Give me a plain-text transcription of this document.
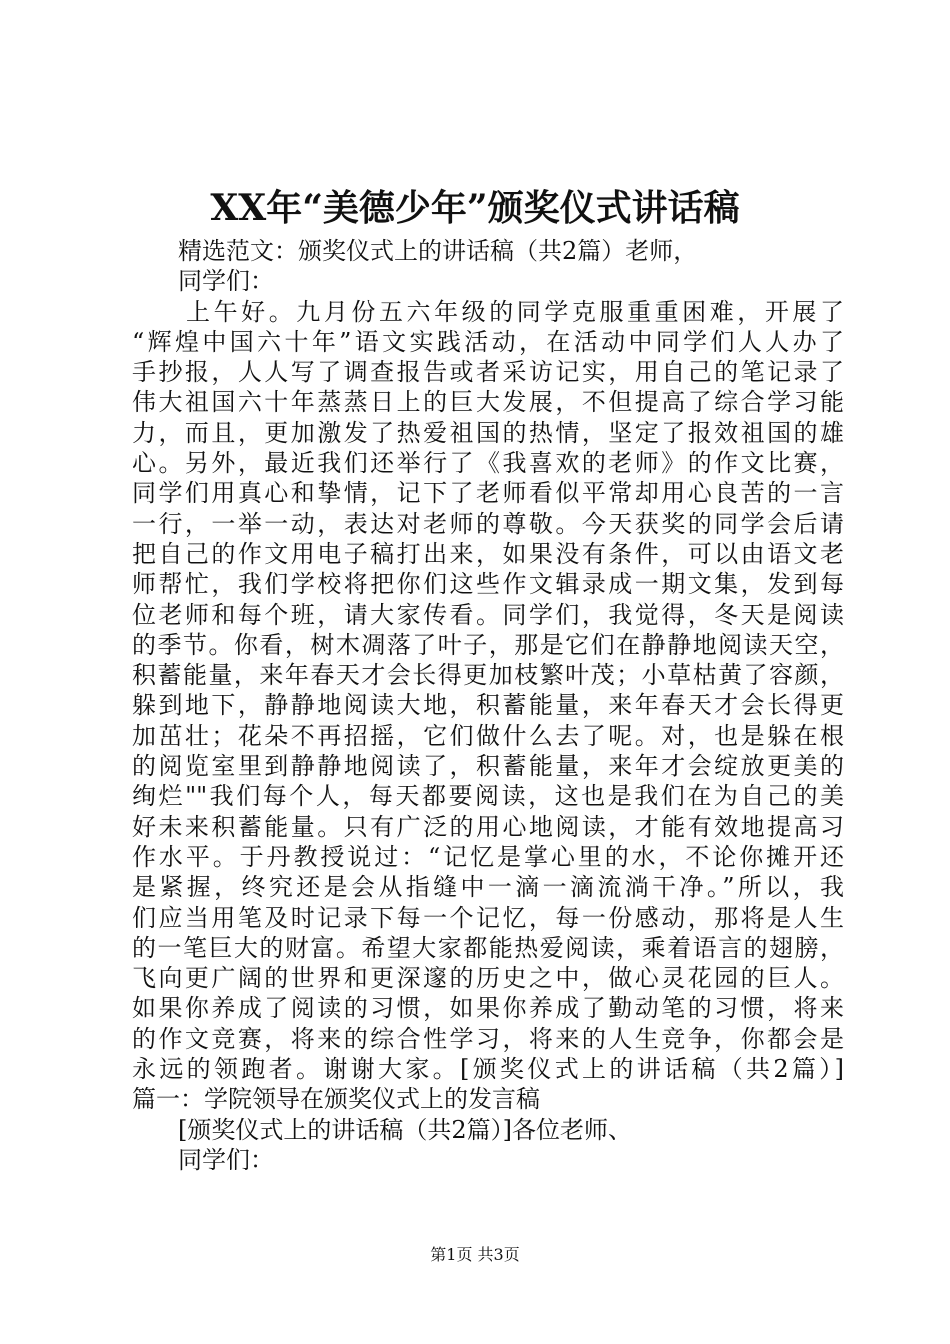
XX年“美德少年”颁奖仪式讲话稿
精选范文：颁奖仪式上的讲话稿（共2篇）老师，
同学们：
上午好。九月份五六年级的同学克服重重困难，开展了
“辉煌中国六十年”语文实践活动，在活动中同学们人人办了
手抄报，人人写了调查报告或者采访记实，用自己的笔记录了
伟大祖国六十年蒸蒸日上的巨大发展，不但提高了综合学习能
力，而且，更加激发了热爱祖国的热情，坚定了报效祖国的雄
心。另外，最近我们还举行了《我喜欢的老师》的作文比赛，
同学们用真心和挚情，记下了老师看似平常却用心良苦的一言
一行，一举一动，表达对老师的尊敬。今天获奖的同学会后请
把自己的作文用电子稿打出来，如果没有条件，可以由语文老
师帮忙，我们学校将把你们这些作文辑录成一期文集，发到每
位老师和每个班，请大家传看。同学们，我觉得，冬天是阅读
的季节。你看，树木凋落了叶子，那是它们在静静地阅读天空，
积蓄能量，来年春天才会长得更加枝繁叶茂；小草枯黄了容颜，
躲到地下，静静地阅读大地，积蓄能量，来年春天才会长得更
加茁壮；花朵不再招摇，它们做什么去了呢。对，也是躲在根
的阅览室里到静静地阅读了，积蓄能量，来年才会绽放更美的
绚烂""我们每个人，每天都要阅读，这也是我们在为自己的美
好未来积蓄能量。只有广泛的用心地阅读，才能有效地提高习
作水平。于丹教授说过：“记忆是掌心里的水，不论你摊开还
是紧握，终究还是会从指缝中一滴一滴流淌干净。”所以，我
们应当用笔及时记录下每一个记忆，每一份感动，那将是人生
的一笔巨大的财富。希望大家都能热爱阅读，乘着语言的翅膀，
飞向更广阔的世界和更深邃的历史之中，做心灵花园的巨人。
如果你养成了阅读的习惯，如果你养成了勤动笔的习惯，将来
的作文竞赛，将来的综合性学习，将来的人生竞争，你都会是
永远的领跑者。谢谢大家。[颁奖仪式上的讲话稿（共2篇）]
篇一：学院领导在颁奖仪式上的发言稿
[颁奖仪式上的讲话稿（共2篇）]各位老师、
同学们：
第1页 共3页
